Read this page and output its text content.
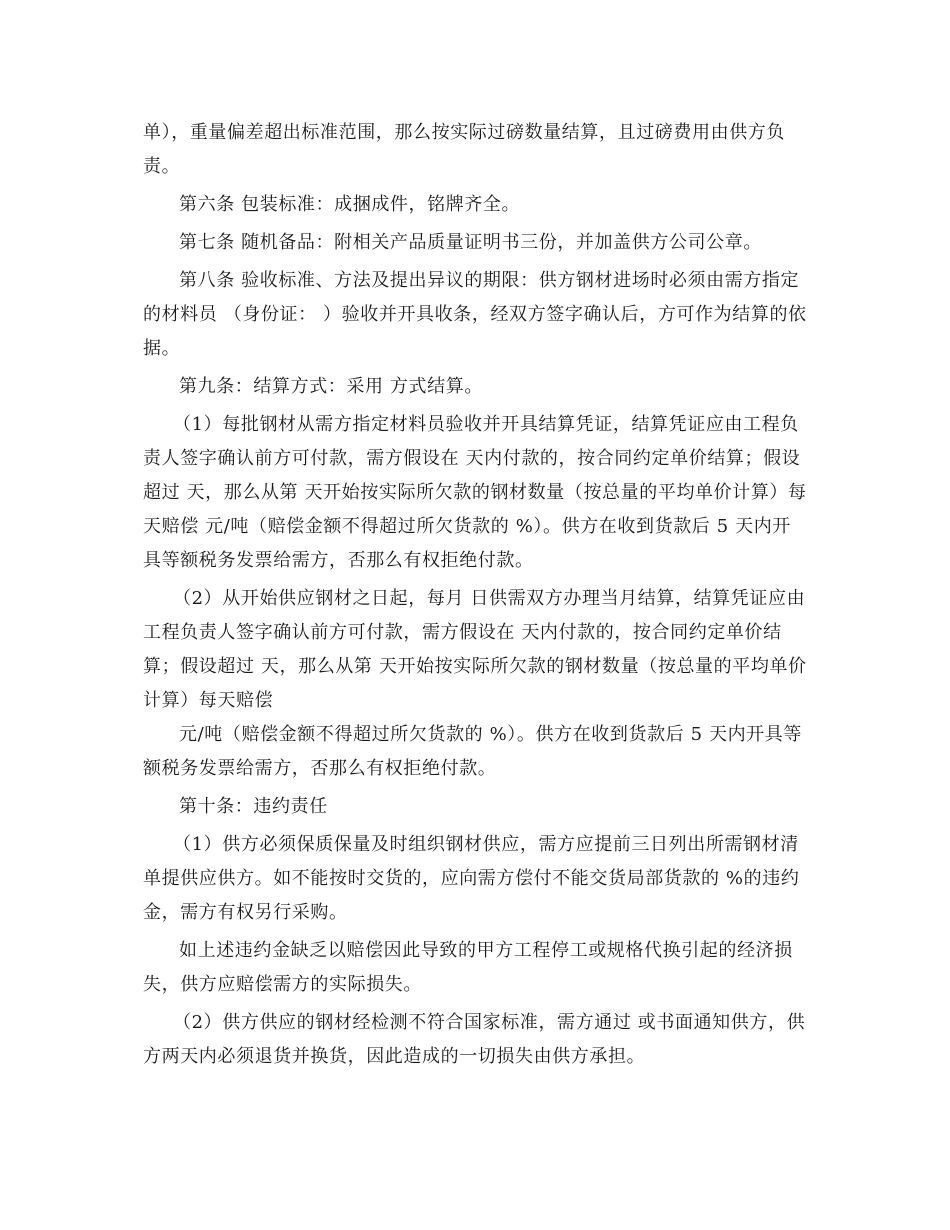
单），重量偏差超出标准范围，那么按实际过磅数量结算，且过磅费用由供方负责。

第六条 包装标准：成捆成件，铭牌齐全。

第七条 随机备品：附相关产品质量证明书三份，并加盖供方公司公章。

第八条 验收标准、方法及提出异议的期限：供方钢材进场时必须由需方指定的材料员 （身份证： ）验收并开具收条，经双方签字确认后，方可作为结算的依据。

第九条：结算方式：采用 方式结算。

（1）每批钢材从需方指定材料员验收并开具结算凭证，结算凭证应由工程负责人签字确认前方可付款，需方假设在 天内付款的，按合同约定单价结算；假设超过 天，那么从第 天开始按实际所欠款的钢材数量（按总量的平均单价计算）每天赔偿 元/吨（赔偿金额不得超过所欠货款的 %）。供方在收到货款后 5 天内开具等额税务发票给需方，否那么有权拒绝付款。

（2）从开始供应钢材之日起，每月 日供需双方办理当月结算，结算凭证应由工程负责人签字确认前方可付款，需方假设在 天内付款的，按合同约定单价结算；假设超过 天，那么从第 天开始按实际所欠款的钢材数量（按总量的平均单价计算）每天赔偿

元/吨（赔偿金额不得超过所欠货款的 %）。供方在收到货款后 5 天内开具等额税务发票给需方，否那么有权拒绝付款。

第十条：违约责任

（1）供方必须保质保量及时组织钢材供应，需方应提前三日列出所需钢材清单提供应供方。如不能按时交货的，应向需方偿付不能交货局部货款的 %的违约金，需方有权另行采购。

如上述违约金缺乏以赔偿因此导致的甲方工程停工或规格代换引起的经济损失，供方应赔偿需方的实际损失。

（2）供方供应的钢材经检测不符合国家标准，需方通过 或书面通知供方，供方两天内必须退货并换货，因此造成的一切损失由供方承担。
